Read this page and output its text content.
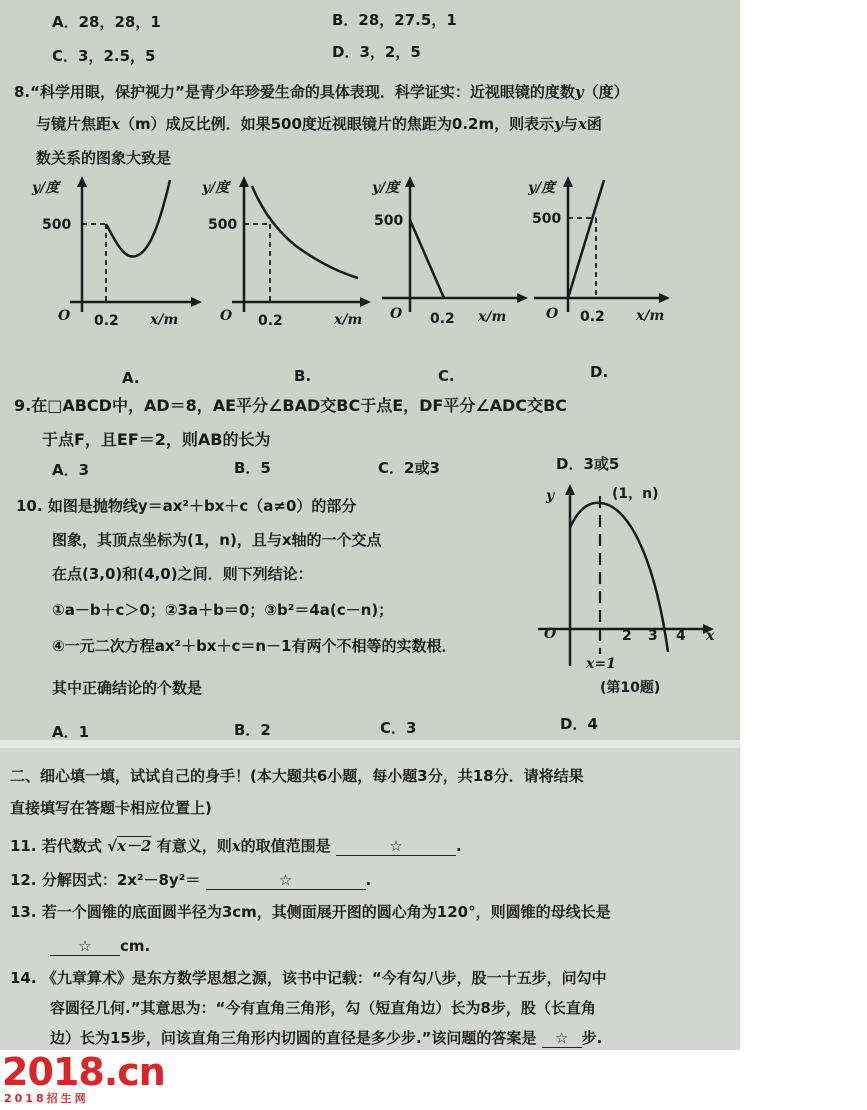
A．28，28，1	B．28，27.5，1
C．3，2.5，5	D．3，2，5
8.“科学用眼，保护视力”是青少年珍爱生命的具体表现．科学证实：近视眼镜的度数y（度）
与镜片焦距x（m）成反比例．如果500度近视眼镜片的焦距为0.2m，则表示y与x函
数关系的图象大致是
y/度
500
O 0.2 x/m
y/度
500
O 0.2	x/m
y/度
500
O 0.2 x/m
y/度
500
O 0.2 x/m
A.	B.	C.	D.
9.在□ABCD中，AD＝8，AE平分∠BAD交BC于点E，DF平分∠ADC交BC
于点F，且EF＝2，则AB的长为
A．3	B．5	C．2或3	D．3或5
10. 如图是抛物线y＝ax²＋bx＋c（a≠0）的部分
图象，其顶点坐标为(1，n)，且与x轴的一个交点
在点(3,0)和(4,0)之间．则下列结论：
①a－b＋c＞0；②3a＋b＝0；③b²＝4a(c－n)；
④一元二次方程ax²＋bx＋c＝n－1有两个不相等的实数根．
其中正确结论的个数是
A．1	B．2	C．3	D．4
y	(1，n)
O	2 3 4 x
x=1
(第10题)
二、细心填一填，试试自己的身手！(本大题共6小题，每小题3分，共18分．请将结果
直接填写在答题卡相应位置上)
11. 若代数式 √x－2 有意义，则x的取值范围是	☆	.
12. 分解因式：2x²－8y²＝	☆	.
13. 若一个圆锥的底面圆半径为3cm，其侧面展开图的圆心角为120°，则圆锥的母线长是
☆ cm.
14. 《九章算术》是东方数学思想之源，该书中记载：“今有勾八步，股一十五步，问勾中
容圆径几何.”其意思为：“今有直角三角形，勾（短直角边）长为8步，股（长直角
边）长为15步，问该直角三角形内切圆的直径是多少步.”该问题的答案是 ☆ 步.
2018.cn
2018招生网
